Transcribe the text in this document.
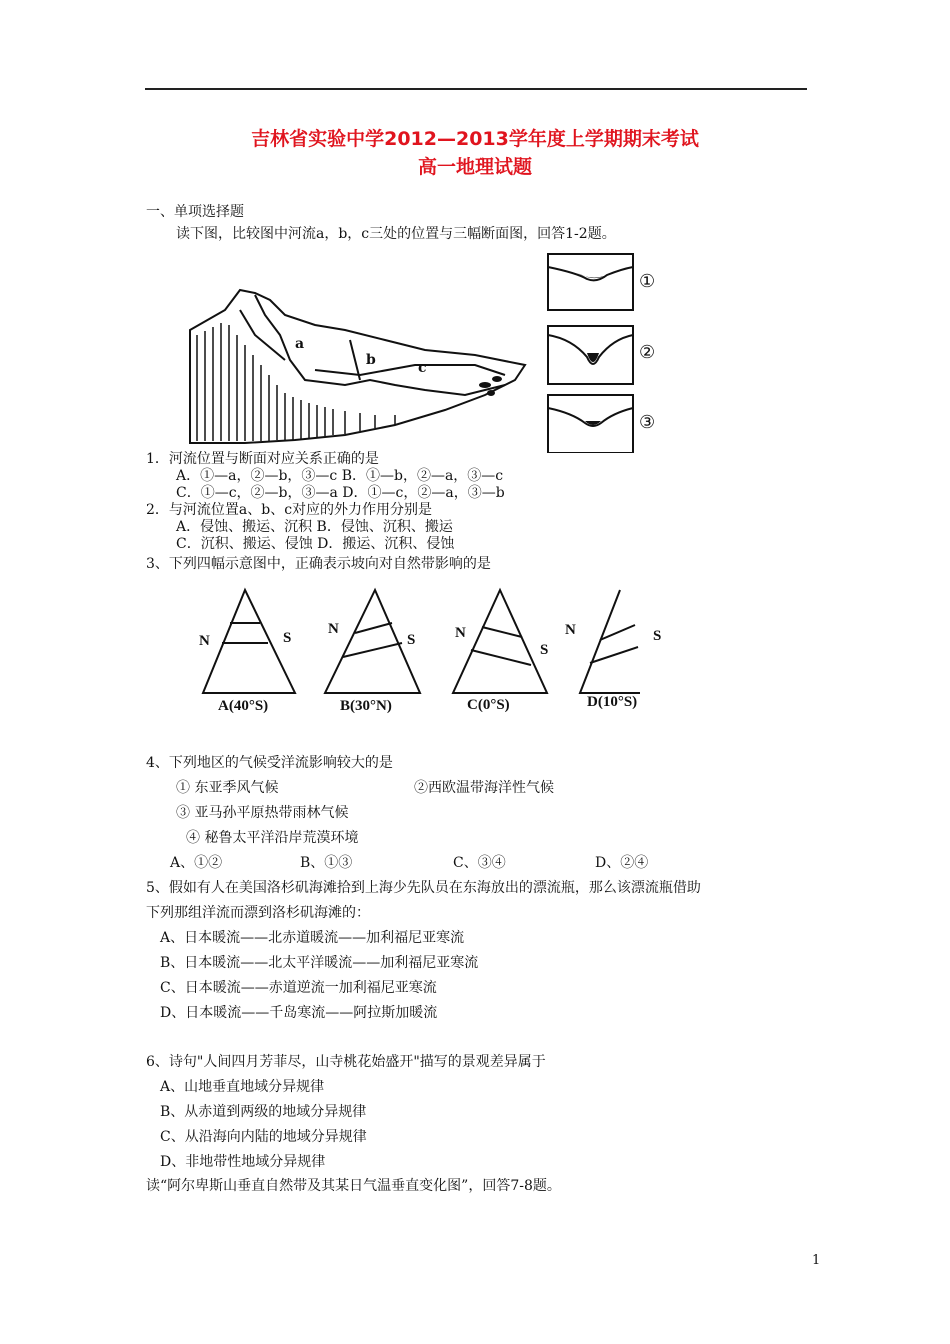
吉林省实验中学2012—2013学年度上学期期末考试
高一地理试题
一、单项选择题
读下图，比较图中河流a，b，c三处的位置与三幅断面图，回答1-2题。
a
b	c
①
②
③
1．河流位置与断面对应关系正确的是
A．①—a，②—b，③—c B．①—b，②—a，③—c
C．①—c，②—b，③—a D．①—c，②—a，③—b
2．与河流位置a、b、c对应的外力作用分别是
A．侵蚀、搬运、沉积 B．侵蚀、沉积、搬运
C．沉积、搬运、侵蚀 D．搬运、沉积、侵蚀
3、下列四幅示意图中，正确表示坡向对自然带影响的是
N	S
N
S	N
S
N	S
A(40°S)	B(30°N)	C(0°S)	D(10°S)
4、下列地区的气候受洋流影响较大的是
① 东亚季风气候	②西欧温带海洋性气候
③ 亚马孙平原热带雨林气候
④ 秘鲁太平洋沿岸荒漠环境
A、①②	B、①③	C、③④	D、②④
5、假如有人在美国洛杉矶海滩拾到上海少先队员在东海放出的漂流瓶，那么该漂流瓶借助
下列那组洋流而漂到洛杉矶海滩的：
A、日本暖流——北赤道暖流——加利福尼亚寒流
B、日本暖流——北太平洋暖流——加利福尼亚寒流
C、日本暖流——赤道逆流一加利福尼亚寒流
D、日本暖流——千岛寒流——阿拉斯加暖流
6、诗句"人间四月芳菲尽，山寺桃花始盛开"描写的景观差异属于
A、山地垂直地域分异规律
B、从赤道到两级的地域分异规律
C、从沿海向内陆的地域分异规律
D、非地带性地域分异规律
读“阿尔卑斯山垂直自然带及其某日气温垂直变化图”，回答7-8题。
1
